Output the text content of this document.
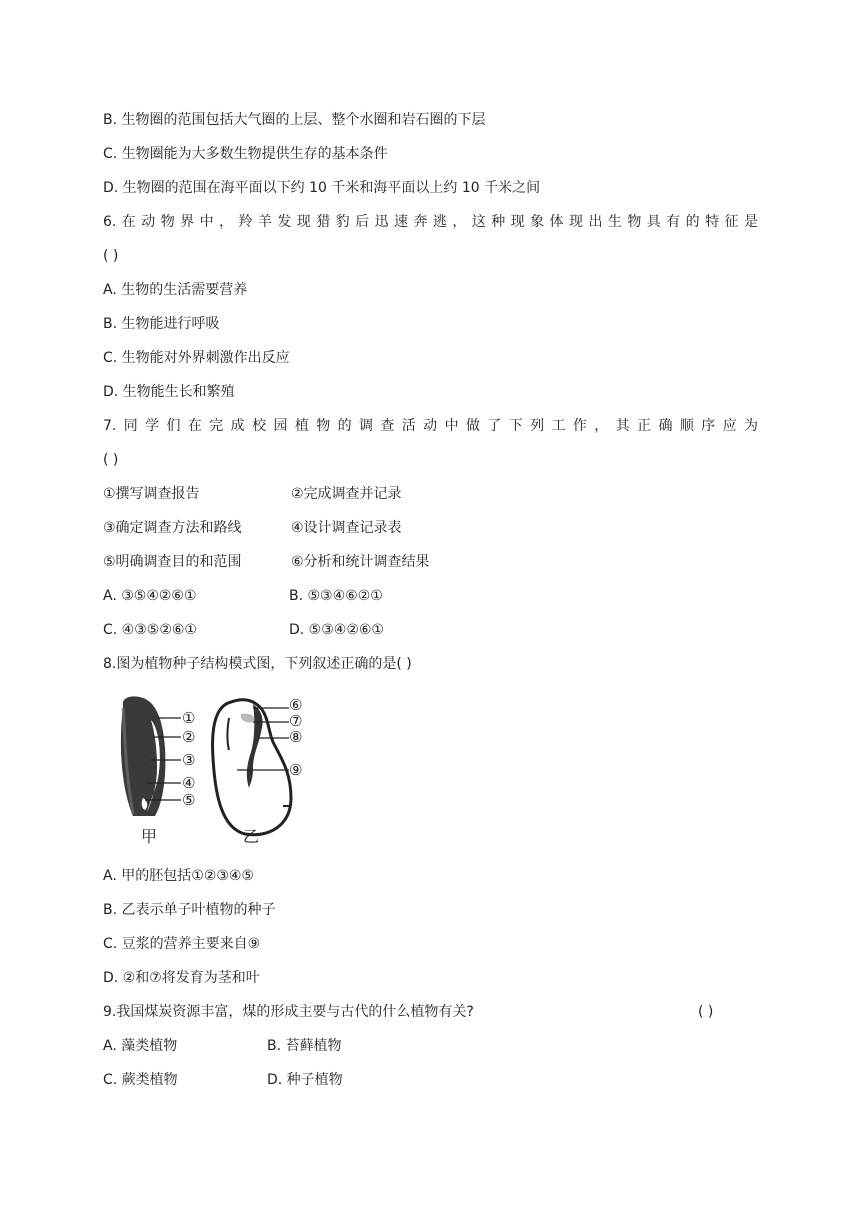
B. 生物圈的范围包括大气圈的上层、整个水圈和岩石圈的下层
C. 生物圈能为大多数生物提供生存的基本条件
D. 生物圈的范围在海平面以下约 10 千米和海平面以上约 10 千米之间
6.在动物界中，羚羊发现猎豹后迅速奔逃，这种现象体现出生物具有的特征是
( )
A. 生物的生活需要营养
B. 生物能进行呼吸
C. 生物能对外界刺激作出反应
D. 生物能生长和繁殖
7.同学们在完成校园植物的调查活动中做了下列工作，其正确顺序应为
( )
①撰写调查报告	②完成调查并记录
③确定调查方法和路线	④设计调查记录表
⑤明确调查目的和范围	⑥分析和统计调查结果
A. ③⑤④②⑥①	B. ⑤③④⑥②①
C. ④③⑤②⑥①	D. ⑤③④②⑥①
8.图为植物种子结构模式图，下列叙述正确的是( )
①
②
③
④
⑤
⑥
⑦
⑧
⑨
甲	乙
A. 甲的胚包括①②③④⑤
B. 乙表示单子叶植物的种子
C. 豆浆的营养主要来自⑨
D. ②和⑦将发育为茎和叶
9.我国煤炭资源丰富，煤的形成主要与古代的什么植物有关?	( )
A. 藻类植物	B. 苔藓植物
C. 蕨类植物	D. 种子植物
